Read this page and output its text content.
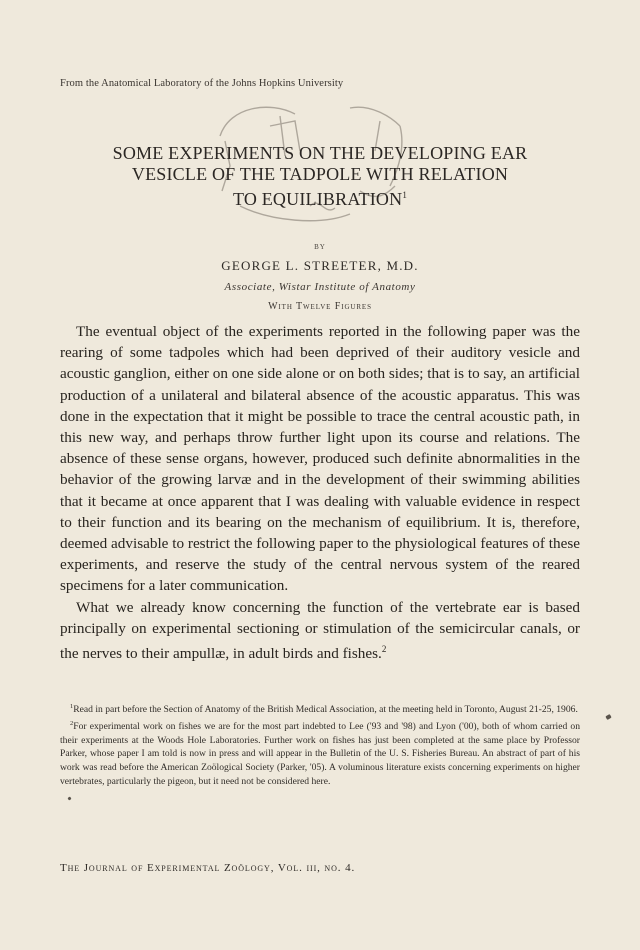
From the Anatomical Laboratory of the Johns Hopkins University
SOME EXPERIMENTS ON THE DEVELOPING EAR
VESICLE OF THE TADPOLE WITH RELATION
TO EQUILIBRATION$^1$
BY
GEORGE L. STREETER, M.D.
Associate, Wistar Institute of Anatomy
With Twelve Figures

The eventual object of the experiments reported in the following paper was the rearing of some tadpoles which had been deprived of their auditory vesicle and acoustic ganglion, either on one side alone or on both sides; that is to say, an artificial production of a unilateral and bilateral absence of the acoustic apparatus. This was done in the expectation that it might be possible to trace the central acoustic path, in this new way, and perhaps throw further light upon its course and relations. The absence of these sense organs, however, produced such definite abnormalities in the behavior of the growing larvæ and in the development of their swimming abilities that it became at once apparent that I was dealing with valuable evidence in respect to their function and its bearing on the mechanism of equilibrium. It is, therefore, deemed advisable to restrict the following paper to the physiological features of these experiments, and reserve the study of the central nervous system of the reared specimens for a later communication.

What we already know concerning the function of the vertebrate ear is based principally on experimental sectioning or stimulation of the semicircular canals, or the nerves to their ampullæ, in adult birds and fishes.$^2$

$^1$Read in part before the Section of Anatomy of the British Medical Association, at the meeting held in Toronto, August 21-25, 1906.

$^2$For experimental work on fishes we are for the most part indebted to Lee ('93 and '98) and Lyon ('00), both of whom carried on their experiments at the Woods Hole Laboratories. Further work on fishes has just been completed at the same place by Professor Parker, whose paper I am told is now in press and will appear in the Bulletin of the U. S. Fisheries Bureau. An abstract of part of his work was read before the American Zoölogical Society (Parker, '05). A voluminous literature exists concerning experiments on higher vertebrates, particularly the pigeon, but it need not be considered here.

The Journal of Experimental Zoölogy, Vol. iii, no. 4.
